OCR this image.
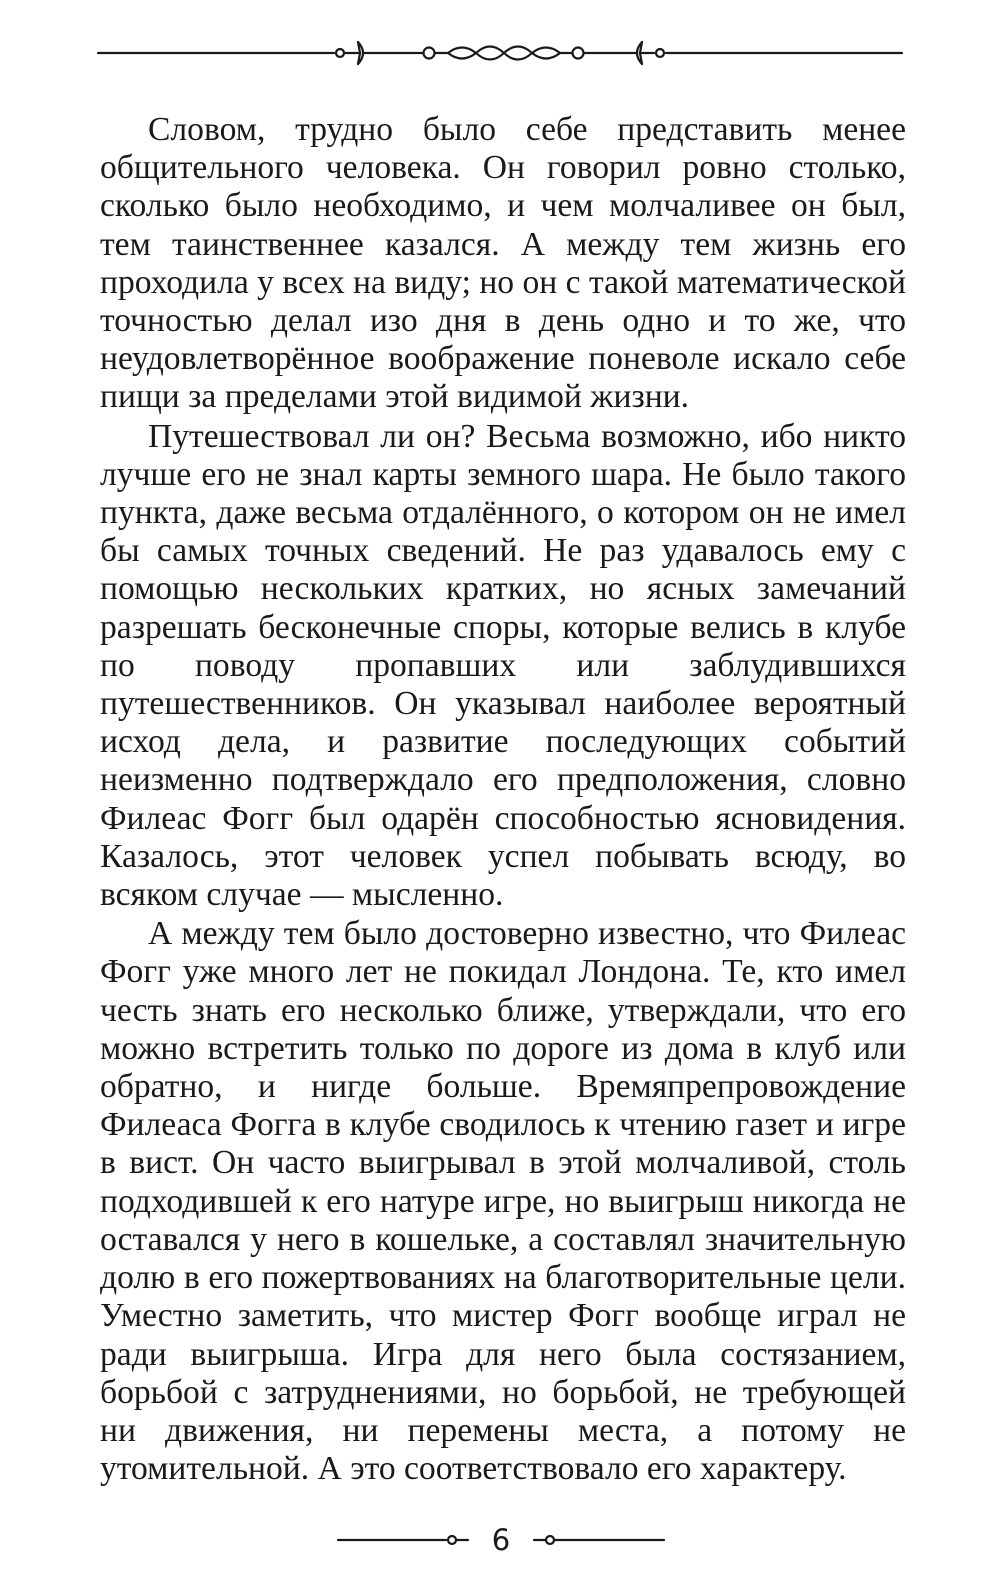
Словом, трудно было себе представить менее общительного человека. Он говорил ровно столько, сколько было необходимо, и чем молчаливее он был, тем таинственнее казался. А между тем жизнь его проходила у всех на виду; но он с такой математической точностью делал изо дня в день одно и то же, что неудовлетворённое воображение поневоле искало себе пищи за пределами этой видимой жизни.

Путешествовал ли он? Весьма возможно, ибо никто лучше его не знал карты земного шара. Не было такого пункта, даже весьма отдалённого, о котором он не имел бы самых точных сведений. Не раз удавалось ему с помощью нескольких кратких, но ясных замечаний разрешать бесконечные споры, которые велись в клубе по поводу пропавших или заблудившихся путешественников. Он указывал наиболее вероятный исход дела, и развитие последующих событий неизменно подтверждало его предположения, словно Филеас Фогг был одарён способностью ясновидения. Казалось, этот человек успел побывать всюду, во всяком случае — мысленно.

А между тем было достоверно известно, что Филеас Фогг уже много лет не покидал Лондона. Те, кто имел честь знать его несколько ближе, утверждали, что его можно встретить только по дороге из дома в клуб или обратно, и нигде больше. Времяпрепровождение Филеаса Фогга в клубе сводилось к чтению газет и игре в вист. Он часто выигрывал в этой молчаливой, столь подходившей к его натуре игре, но выигрыш никогда не оставался у него в кошельке, а составлял значительную долю в его пожертвованиях на благотворительные цели. Уместно заметить, что мистер Фогг вообще играл не ради выигрыша. Игра для него была состязанием, борьбой с затруднениями, но борьбой, не требующей ни движения, ни перемены места, а потому не утомительной. А это соответствовало его характеру.

6
